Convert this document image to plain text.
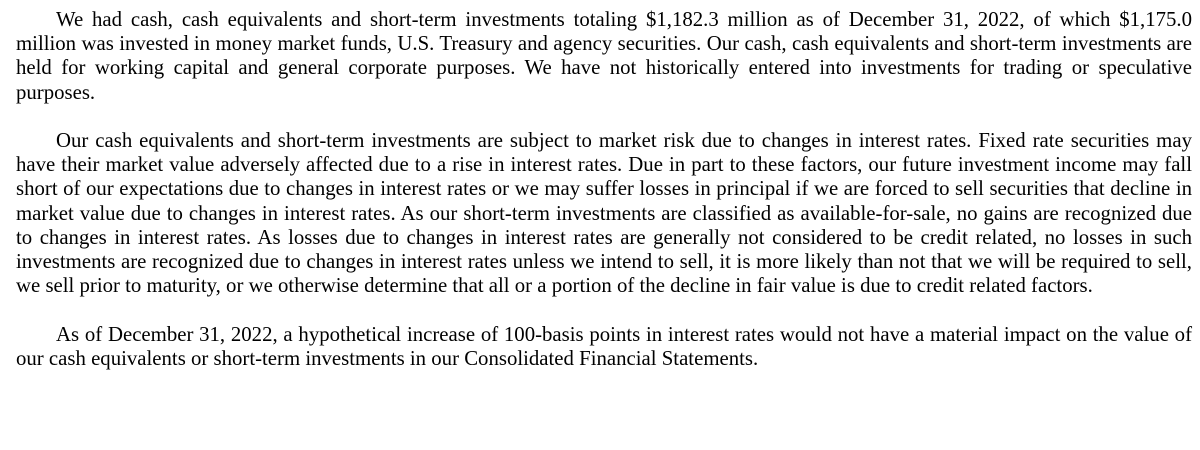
We had cash, cash equivalents and short-term investments totaling $1,182.3 million as of December 31, 2022, of which $1,175.0 million was invested in money market funds, U.S. Treasury and agency securities. Our cash, cash equivalents and short-term investments are held for working capital and general corporate purposes. We have not historically entered into investments for trading or speculative purposes.

Our cash equivalents and short-term investments are subject to market risk due to changes in interest rates. Fixed rate securities may have their market value adversely affected due to a rise in interest rates. Due in part to these factors, our future investment income may fall short of our expectations due to changes in interest rates or we may suffer losses in principal if we are forced to sell securities that decline in market value due to changes in interest rates. As our short-term investments are classified as available-for-sale, no gains are recognized due to changes in interest rates. As losses due to changes in interest rates are generally not considered to be credit related, no losses in such investments are recognized due to changes in interest rates unless we intend to sell, it is more likely than not that we will be required to sell, we sell prior to maturity, or we otherwise determine that all or a portion of the decline in fair value is due to credit related factors.

As of December 31, 2022, a hypothetical increase of 100-basis points in interest rates would not have a material impact on the value of our cash equivalents or short-term investments in our Consolidated Financial Statements.
